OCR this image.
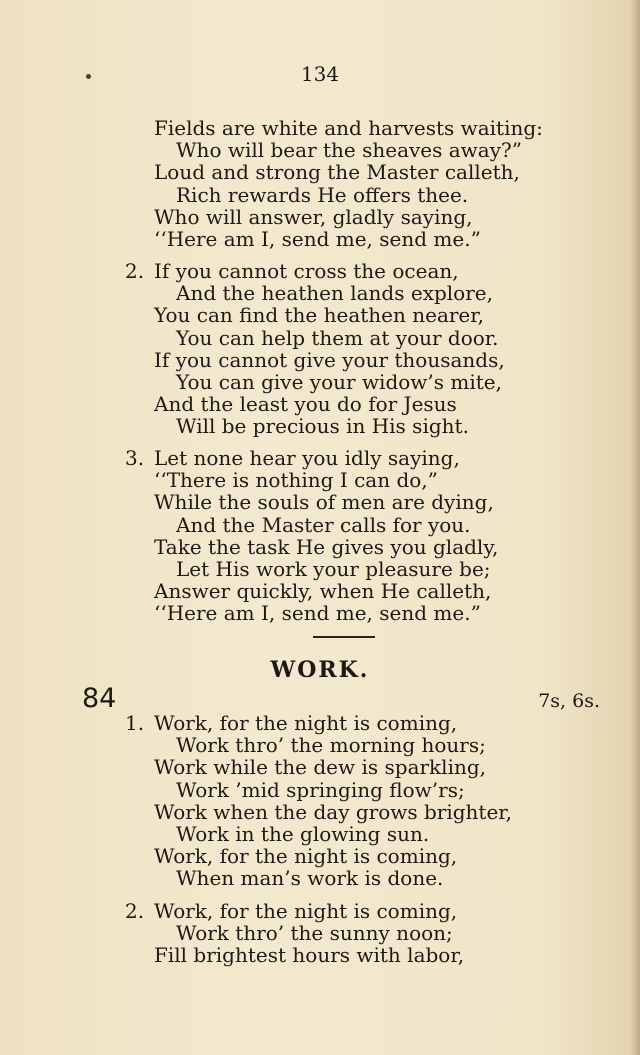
134
Fields are white and harvests waiting:
Who will bear the sheaves away?”
Loud and strong the Master calleth,
Rich rewards He offers thee.
Who will answer, gladly saying,
‘‘Here am I, send me, send me.”
2. If you cannot cross the ocean,
And the heathen lands explore,
You can find the heathen nearer,
You can help them at your door.
If you cannot give your thousands,
You can give your widow’s mite,
And the least you do for Jesus
Will be precious in His sight.
3. Let none hear you idly saying,
‘‘There is nothing I can do,”
While the souls of men are dying,
And the Master calls for you.
Take the task He gives you gladly,
Let His work your pleasure be;
Answer quickly, when He calleth,
‘‘Here am I, send me, send me.”
WORK.
84	7s, 6s.
1. Work, for the night is coming,
Work thro’ the morning hours;
Work while the dew is sparkling,
Work ’mid springing flow’rs;
Work when the day grows brighter,
Work in the glowing sun.
Work, for the night is coming,
When man’s work is done.
2. Work, for the night is coming,
Work thro’ the sunny noon;
Fill brightest hours with labor,
